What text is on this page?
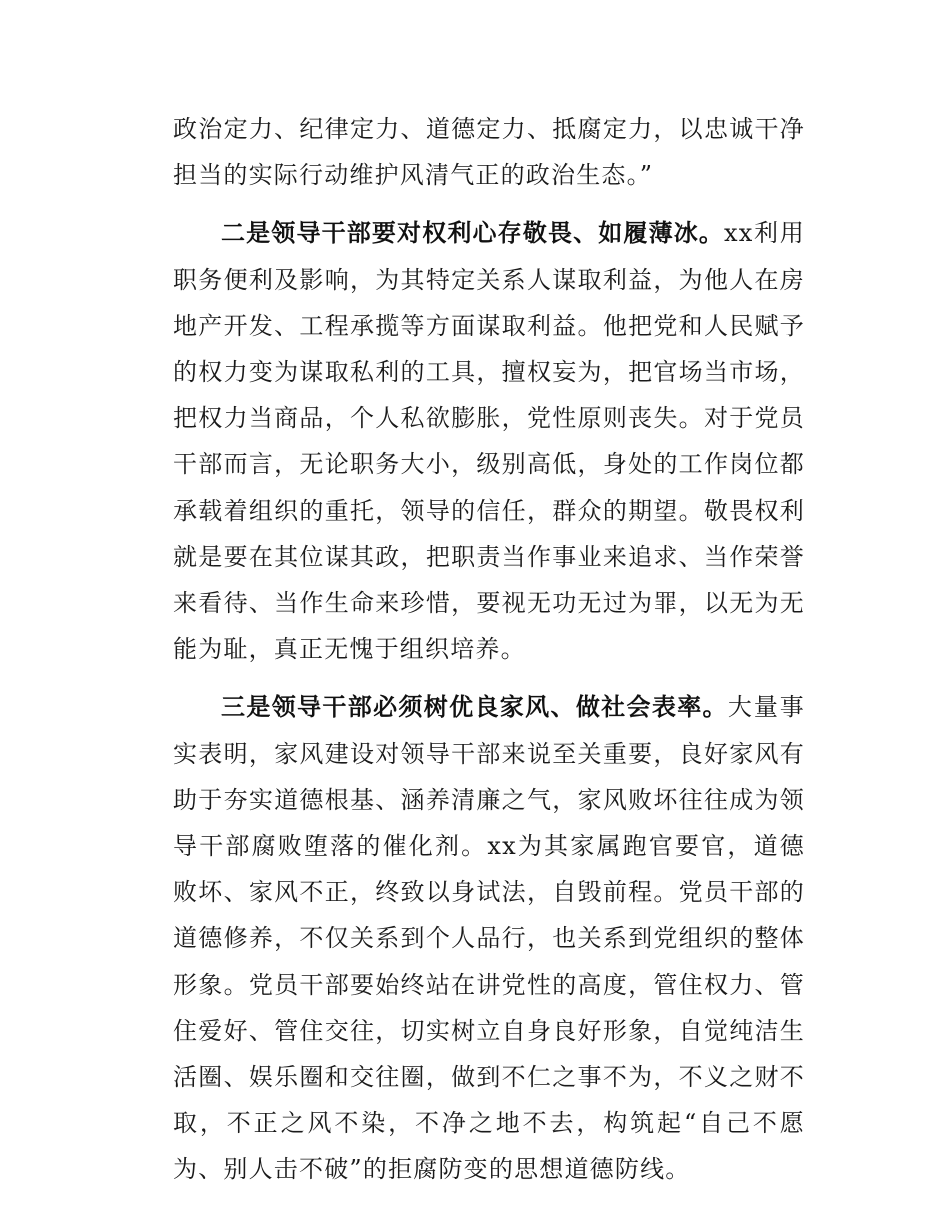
政治定力、纪律定力、道德定力、抵腐定力，以忠诚干净担当的实际行动维护风清气正的政治生态。”

二是领导干部要对权利心存敬畏、如履薄冰。xx利用职务便利及影响，为其特定关系人谋取利益，为他人在房地产开发、工程承揽等方面谋取利益。他把党和人民赋予的权力变为谋取私利的工具，擅权妄为，把官场当市场，把权力当商品，个人私欲膨胀，党性原则丧失。对于党员干部而言，无论职务大小，级别高低，身处的工作岗位都承载着组织的重托，领导的信任，群众的期望。敬畏权利就是要在其位谋其政，把职责当作事业来追求、当作荣誉来看待、当作生命来珍惜，要视无功无过为罪，以无为无能为耻，真正无愧于组织培养。

三是领导干部必须树优良家风、做社会表率。大量事实表明，家风建设对领导干部来说至关重要，良好家风有助于夯实道德根基、涵养清廉之气，家风败坏往往成为领导干部腐败堕落的催化剂。xx为其家属跑官要官，道德败坏、家风不正，终致以身试法，自毁前程。党员干部的道德修养，不仅关系到个人品行，也关系到党组织的整体形象。党员干部要始终站在讲党性的高度，管住权力、管住爱好、管住交往，切实树立自身良好形象，自觉纯洁生活圈、娱乐圈和交往圈，做到不仁之事不为，不义之财不取，不正之风不染，不净之地不去，构筑起“自己不愿为、别人击不破”的拒腐防变的思想道德防线。
